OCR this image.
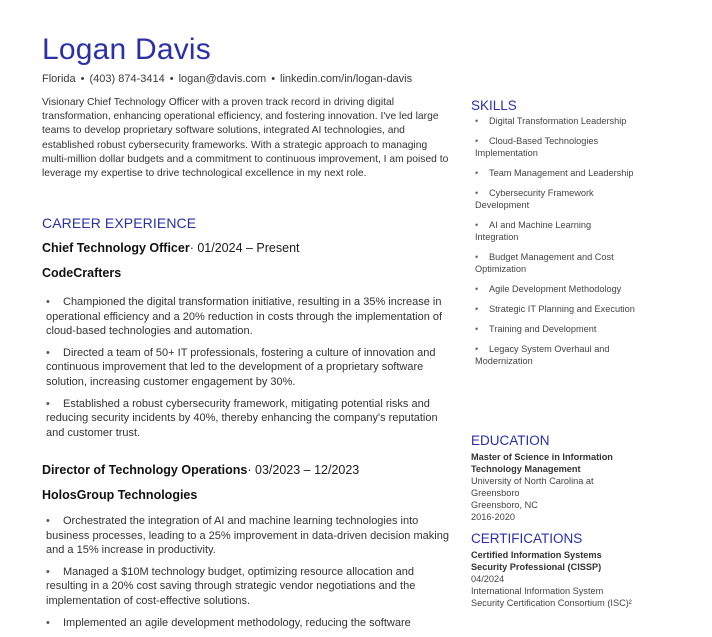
Logan Davis
Florida • (403) 874-3414 • logan@davis.com • linkedin.com/in/logan-davis

Visionary Chief Technology Officer with a proven track record in driving digital transformation, enhancing operational efficiency, and fostering innovation. I've led large teams to develop proprietary software solutions, integrated AI technologies, and established robust cybersecurity frameworks. With a strategic approach to managing multi-million dollar budgets and a commitment to continuous improvement, I am poised to leverage my expertise to drive technological excellence in my next role.

CAREER EXPERIENCE
Chief Technology Officer· 01/2024 – Present
CodeCrafters
• Championed the digital transformation initiative, resulting in a 35% increase in operational efficiency and a 20% reduction in costs through the implementation of cloud-based technologies and automation.
• Directed a team of 50+ IT professionals, fostering a culture of innovation and continuous improvement that led to the development of a proprietary software solution, increasing customer engagement by 30%.
• Established a robust cybersecurity framework, mitigating potential risks and reducing security incidents by 40%, thereby enhancing the company's reputation and customer trust.
Director of Technology Operations· 03/2023 – 12/2023
HolosGroup Technologies
• Orchestrated the integration of AI and machine learning technologies into business processes, leading to a 25% improvement in data-driven decision making and a 15% increase in productivity.
• Managed a $10M technology budget, optimizing resource allocation and resulting in a 20% cost saving through strategic vendor negotiations and the implementation of cost-effective solutions.
• Implemented an agile development methodology, reducing the software
SKILLS
• Digital Transformation Leadership
• Cloud-Based Technologies Implementation
• Team Management and Leadership
• Cybersecurity Framework Development
• AI and Machine Learning Integration
• Budget Management and Cost Optimization
• Agile Development Methodology
• Strategic IT Planning and Execution
• Training and Development
• Legacy System Overhaul and Modernization
EDUCATION
Master of Science in Information Technology Management
University of North Carolina at Greensboro
Greensboro, NC
2016-2020
CERTIFICATIONS
Certified Information Systems Security Professional (CISSP)
04/2024
International Information System Security Certification Consortium (ISC)²
